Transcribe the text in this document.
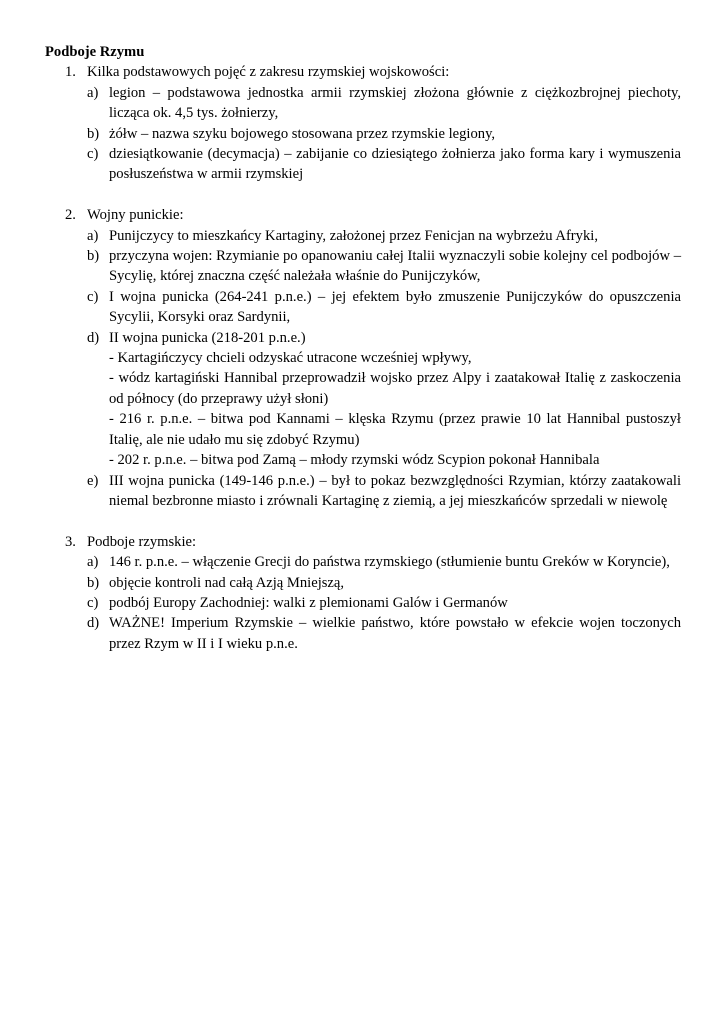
Podboje Rzymu
1. Kilka podstawowych pojęć z zakresu rzymskiej wojskowości:
a) legion – podstawowa jednostka armii rzymskiej złożona głównie z ciężkozbrojnej piechoty, licząca ok. 4,5 tys. żołnierzy,
b) żółw – nazwa szyku bojowego stosowana przez rzymskie legiony,
c) dziesiątkowanie (decymacja) – zabijanie co dziesiątego żołnierza jako forma kary i wymuszenia posłuszeństwa w armii rzymskiej
2. Wojny punickie:
a) Punijczycy to mieszkańcy Kartaginy, założonej przez Fenicjan na wybrzeżu Afryki,
b) przyczyna wojen: Rzymianie po opanowaniu całej Italii wyznaczyli sobie kolejny cel podbojów – Sycylię, której znaczna część należała właśnie do Punijczyków,
c) I wojna punicka (264-241 p.n.e.) – jej efektem było zmuszenie Punijczyków do opuszczenia Sycylii, Korsyki oraz Sardynii,
d) II wojna punicka (218-201 p.n.e.)
- Kartagińczycy chcieli odzyskać utracone wcześniej wpływy,
- wódz kartagiński Hannibal przeprowadził wojsko przez Alpy i zaatakował Italię z zaskoczenia od północy (do przeprawy użył słoni)
- 216 r. p.n.e. – bitwa pod Kannami – klęska Rzymu (przez prawie 10 lat Hannibal pustoszył Italię, ale nie udało mu się zdobyć Rzymu)
- 202 r. p.n.e. – bitwa pod Zamą – młody rzymski wódz Scypion pokonał Hannibala
e) III wojna punicka (149-146 p.n.e.) – był to pokaz bezwzględności Rzymian, którzy zaatakowali niemal bezbronne miasto i zrównali Kartaginę z ziemią, a jej mieszkańców sprzedali w niewolę
3. Podboje rzymskie:
a) 146 r. p.n.e. – włączenie Grecji do państwa rzymskiego (stłumienie buntu Greków w Koryncie),
b) objęcie kontroli nad całą Azją Mniejszą,
c) podbój Europy Zachodniej: walki z plemionami Galów i Germanów
d) WAŻNE! Imperium Rzymskie – wielkie państwo, które powstało w efekcie wojen toczonych przez Rzym w II i I wieku p.n.e.
